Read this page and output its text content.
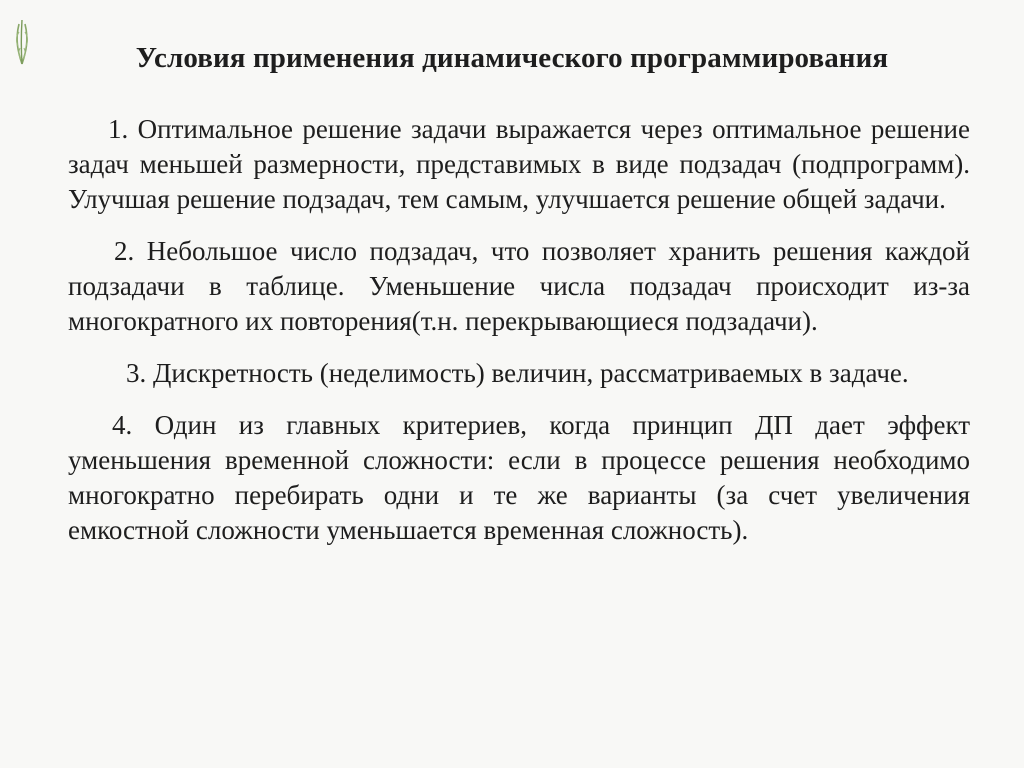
Условия применения динамического программирования

1. Оптимальное решение задачи выражается через оптимальное решение задач меньшей размерности, представимых в виде подзадач (подпрограмм). Улучшая решение подзадач, тем самым, улучшается решение общей задачи.

2. Небольшое число подзадач, что позволяет хранить решения каждой подзадачи в таблице. Уменьшение числа подзадач происходит из-за многократного их повторения(т.н. перекрывающиеся подзадачи).

3. Дискретность (неделимость) величин, рассматриваемых в задаче.

4. Один из главных критериев, когда принцип ДП дает эффект уменьшения временной сложности: если в процессе решения необходимо многократно перебирать одни и те же варианты (за счет увеличения емкостной сложности уменьшается временная сложность).
